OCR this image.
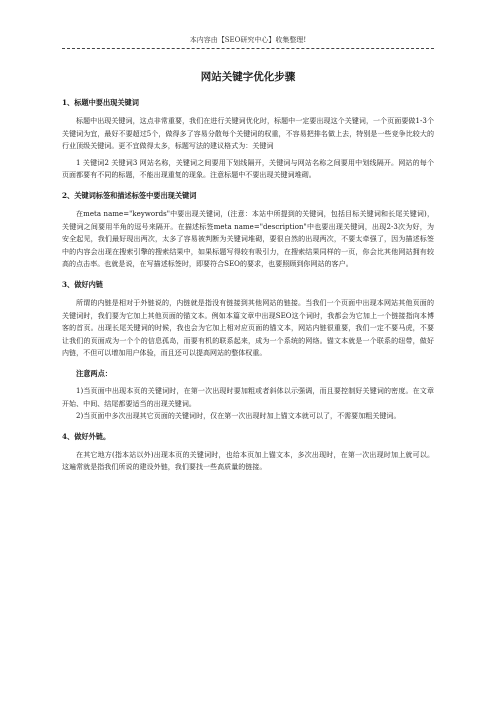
本内容由【SEO研究中心】收集整理!
网站关键字优化步骤
1、标题中要出现关键词

标题中出现关键词，这点非常重要，我们在进行关键词优化时，标题中一定要出现这个关键词，一个页面要做1-3个关键词为宜，最好不要超过5个，做得多了容易分散每个关键词的权重，不容易把排名做上去，特别是一些竞争比较大的行业顶级关键词。更不宜做得太多，标题写法的建议格式为：关键词

1 关键词2 关键词3 网站名称，关键词之间要用下划线隔开，关键词与网站名称之间要用中划线隔开。网站的每个页面都要有不同的标题，不能出现重复的现象。注意标题中不要出现关键词堆砌。

2、关键词标签和描述标签中要出现关键词

在meta name="keywords"中要出现关键词，(注意：本站中所提到的关键词，包括目标关键词和长尾关键词)，关键词之间要用半角的逗号来隔开。在描述标签meta name="description"中也要出现关键词，出现2-3次为好，为安全起见，我们最好现出两次，太多了容易被判断为关键词堆砌，要很自然的出现两次，不要太牵强了，因为描述标签中的内容会出现在搜索引擎的搜索结果中，如果标题写得较有吸引力，在搜索结果同样的一页，你会比其他网站拥有较高的点击率。也就是说，在写描述标签时，即要符合SEO的要求，也要照顾到你网站的客户。

3、做好内链

所谓的内链是相对于外链说的，内链就是指没有链接到其他网站的链接。当我们一个页面中出现本网站其他页面的关键词时，我们要为它加上其他页面的锚文本。例如本篇文章中出现SEO这个词时，我都会为它加上一个链接指向本博客的首页。出现长尾关键词的时候，我也会为它加上相对应页面的锚文本，网站内链很重要，我们一定不要马虎，不要让我们的页面成为一个个的信息孤岛，而要有机的联系起来，成为一个系统的网络。锚文本就是一个联系的纽带，做好内链，不但可以增加用户体验，而且还可以提高网站的整体权重。

注意两点：

1)当页面中出现本页的关键词时，在第一次出现时要加粗或者斜体以示强调，而且要控制好关键词的密度。在文章开始、中间、结尾都要适当的出现关键词。

2)当页面中多次出现其它页面的关键词时，仅在第一次出现时加上锚文本就可以了，不需要加粗关键词。

4、做好外链。

在其它地方(指本站以外)出现本页的关键词时，也给本页加上锚文本，多次出现时，在第一次出现时加上就可以。这遍常就是指我们所说的建设外链，我们要找一些高质量的链接。
